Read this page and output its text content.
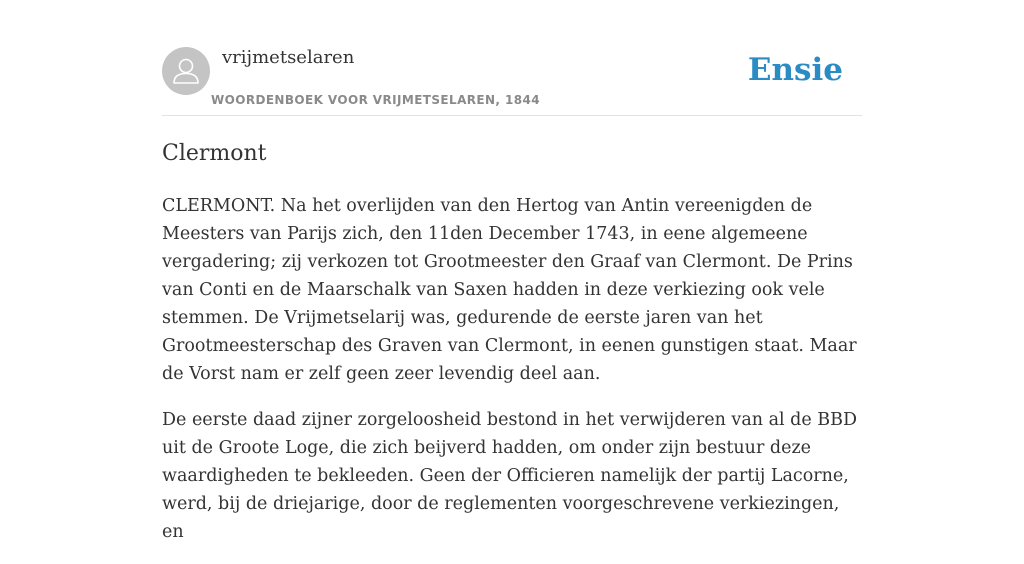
vrijmetselaren
WOORDENBOEK VOOR VRIJMETSELAREN, 1844
Ensie
Clermont

CLERMONT. Na het overlijden van den Hertog van Antin vereenigden de Meesters van Parijs zich, den 11den December 1743, in eene algemeene vergadering; zij verkozen tot Grootmeester den Graaf van Clermont. De Prins van Conti en de Maarschalk van Saxen hadden in deze verkiezing ook vele stemmen. De Vrijmetselarij was, gedurende de eerste jaren van het Grootmeesterschap des Graven van Clermont, in eenen gunstigen staat. Maar de Vorst nam er zelf geen zeer levendig deel aan.

De eerste daad zijner zorgeloosheid bestond in het verwijderen van al de BBD uit de Groote Loge, die zich beijverd hadden, om onder zijn bestuur deze waardigheden te bekleeden. Geen der Officieren namelijk der partij Lacorne, werd, bij de driejarige, door de reglementen voorgeschrevene verkiezingen, en
